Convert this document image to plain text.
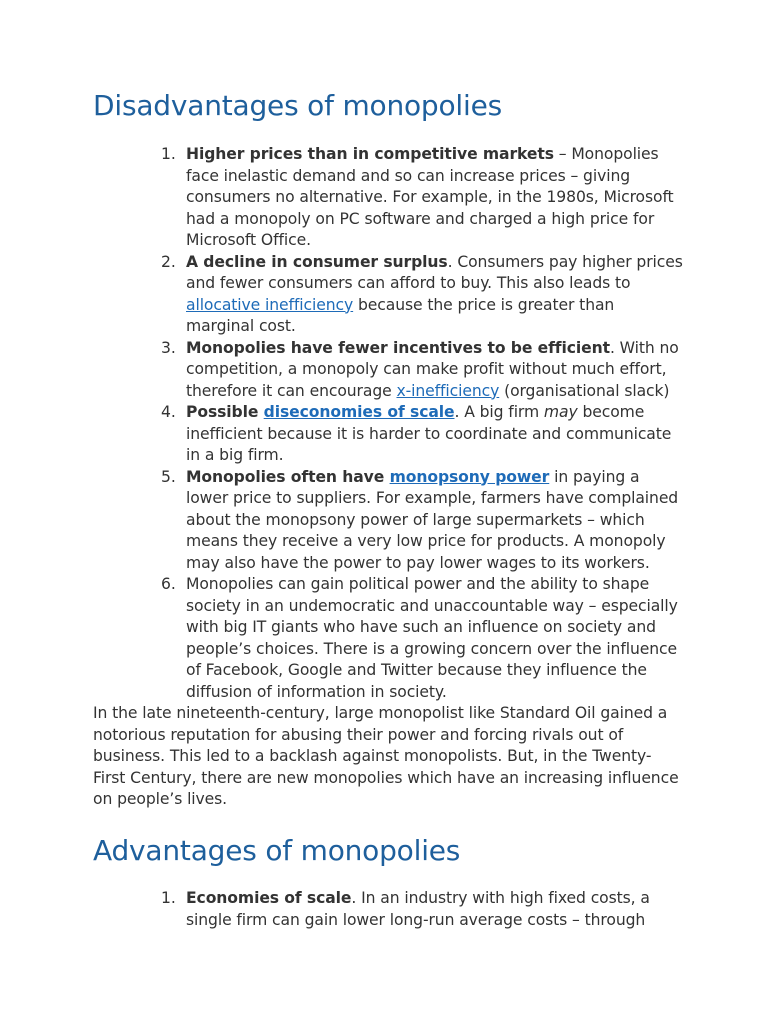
Disadvantages of monopolies
1. Higher prices than in competitive markets – Monopolies face inelastic demand and so can increase prices – giving consumers no alternative. For example, in the 1980s, Microsoft had a monopoly on PC software and charged a high price for Microsoft Office.
2. A decline in consumer surplus. Consumers pay higher prices and fewer consumers can afford to buy. This also leads to allocative inefficiency because the price is greater than marginal cost.
3. Monopolies have fewer incentives to be efficient. With no competition, a monopoly can make profit without much effort, therefore it can encourage x-inefficiency (organisational slack)
4. Possible diseconomies of scale. A big firm may become inefficient because it is harder to coordinate and communicate in a big firm.
5. Monopolies often have monopsony power in paying a lower price to suppliers. For example, farmers have complained about the monopsony power of large supermarkets – which means they receive a very low price for products. A monopoly may also have the power to pay lower wages to its workers.
6. Monopolies can gain political power and the ability to shape society in an undemocratic and unaccountable way – especially with big IT giants who have such an influence on society and people’s choices. There is a growing concern over the influence of Facebook, Google and Twitter because they influence the diffusion of information in society.

In the late nineteenth-century, large monopolist like Standard Oil gained a notorious reputation for abusing their power and forcing rivals out of business. This led to a backlash against monopolists. But, in the Twenty-First Century, there are new monopolies which have an increasing influence on people’s lives.

Advantages of monopolies
1. Economies of scale. In an industry with high fixed costs, a single firm can gain lower long-run average costs – through
